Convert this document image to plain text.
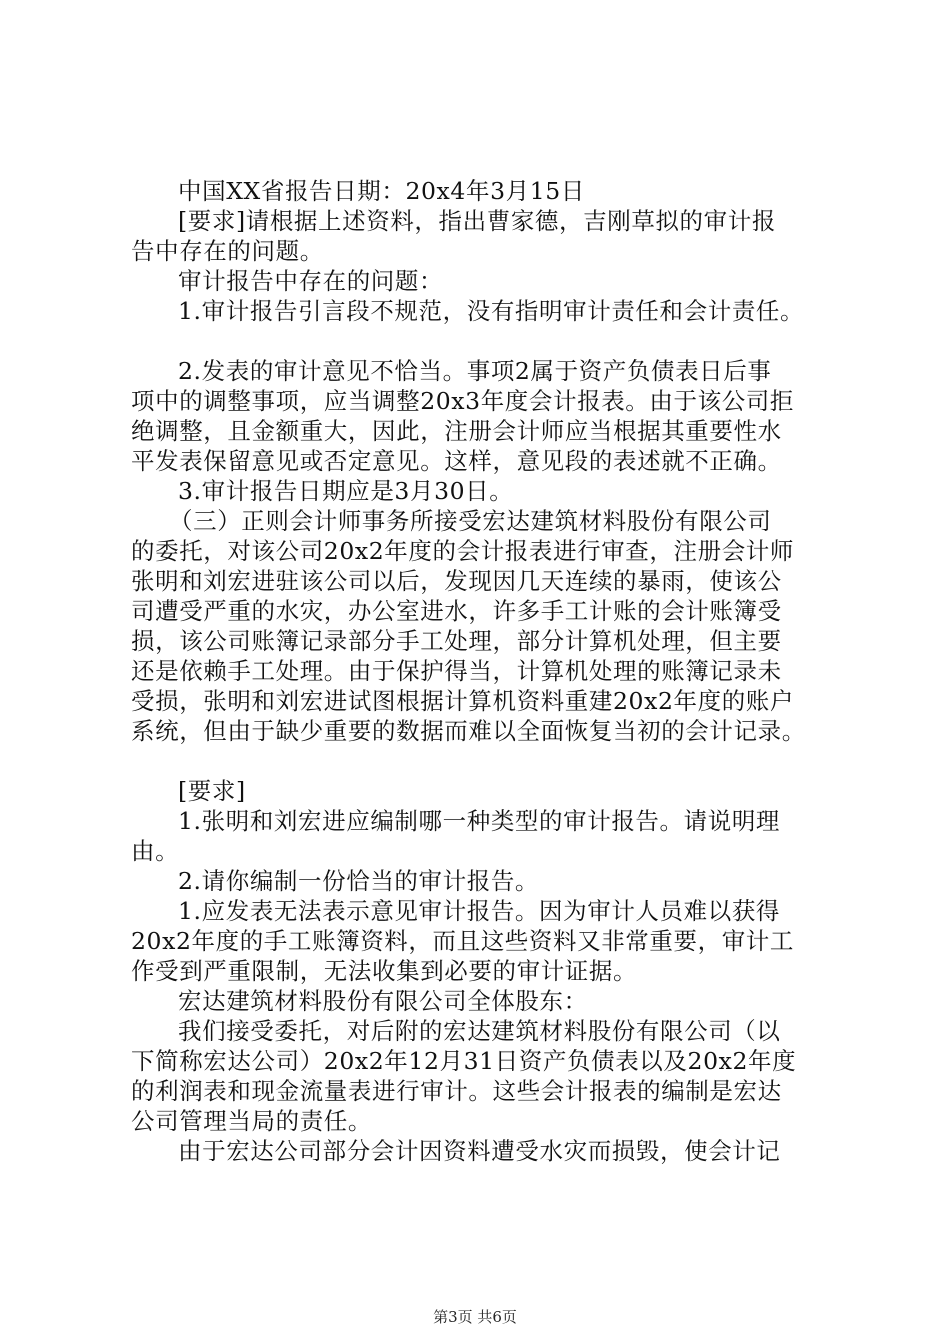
中国XX省报告日期：20x4年3月15日
[要求]请根据上述资料，指出曹家德，吉刚草拟的审计报
告中存在的问题。
审计报告中存在的问题：
1.审计报告引言段不规范，没有指明审计责任和会计责任。
2.发表的审计意见不恰当。事项2属于资产负债表日后事
项中的调整事项，应当调整20x3年度会计报表。由于该公司拒
绝调整，且金额重大，因此，注册会计师应当根据其重要性水
平发表保留意见或否定意见。这样，意见段的表述就不正确。
3.审计报告日期应是3月30日。
（三）正则会计师事务所接受宏达建筑材料股份有限公司
的委托，对该公司20x2年度的会计报表进行审查，注册会计师
张明和刘宏进驻该公司以后，发现因几天连续的暴雨，使该公
司遭受严重的水灾，办公室进水，许多手工计账的会计账簿受
损，该公司账簿记录部分手工处理，部分计算机处理，但主要
还是依赖手工处理。由于保护得当，计算机处理的账簿记录未
受损，张明和刘宏进试图根据计算机资料重建20x2年度的账户
系统，但由于缺少重要的数据而难以全面恢复当初的会计记录。
[要求]
1.张明和刘宏进应编制哪一种类型的审计报告。请说明理
由。
2.请你编制一份恰当的审计报告。
1.应发表无法表示意见审计报告。因为审计人员难以获得
20x2年度的手工账簿资料，而且这些资料又非常重要，审计工
作受到严重限制，无法收集到必要的审计证据。
宏达建筑材料股份有限公司全体股东：
我们接受委托，对后附的宏达建筑材料股份有限公司（以
下简称宏达公司）20x2年12月31日资产负债表以及20x2年度
的利润表和现金流量表进行审计。这些会计报表的编制是宏达
公司管理当局的责任。
由于宏达公司部分会计因资料遭受水灾而损毁，使会计记
第3页 共6页
